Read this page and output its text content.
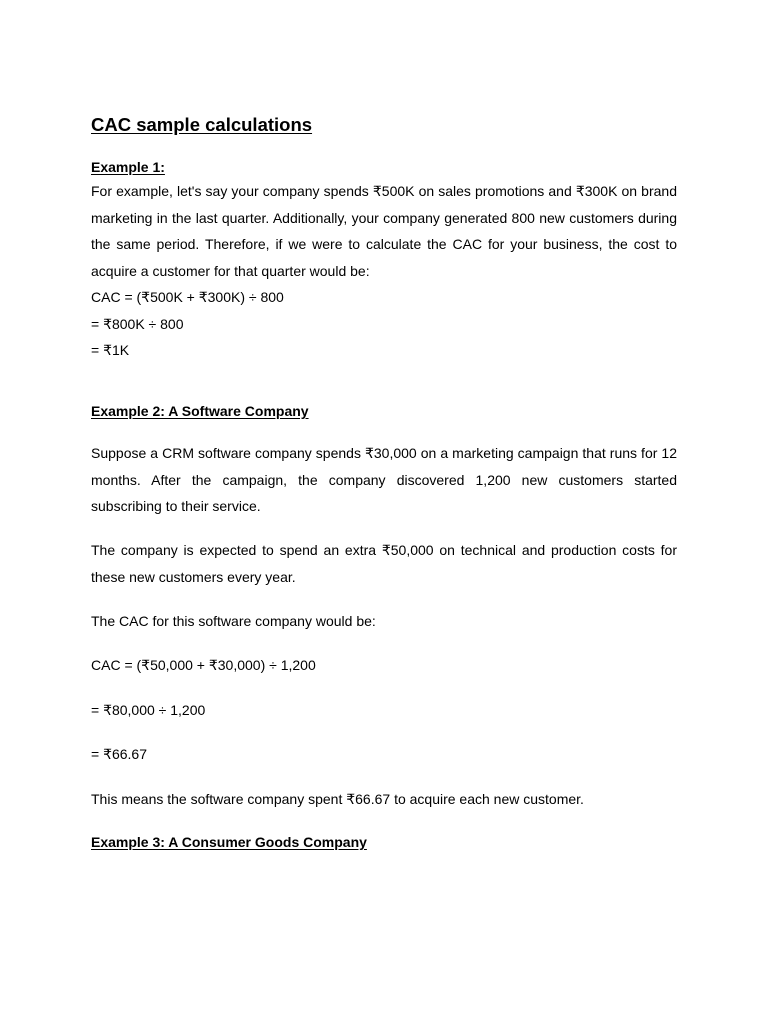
CAC sample calculations
Example 1:
For example, let's say your company spends ₹500K on sales promotions and ₹300K on brand marketing in the last quarter. Additionally, your company generated 800 new customers during the same period. Therefore, if we were to calculate the CAC for your business, the cost to acquire a customer for that quarter would be:
CAC = (₹500K + ₹300K) ÷ 800
= ₹800K ÷ 800
= ₹1K
Example 2: A Software Company
Suppose a CRM software company spends ₹30,000 on a marketing campaign that runs for 12 months. After the campaign, the company discovered 1,200 new customers started subscribing to their service.
The company is expected to spend an extra ₹50,000 on technical and production costs for these new customers every year.
The CAC for this software company would be:
CAC = (₹50,000 + ₹30,000) ÷ 1,200
= ₹80,000 ÷ 1,200
= ₹66.67
This means the software company spent ₹66.67 to acquire each new customer.
Example 3: A Consumer Goods Company
